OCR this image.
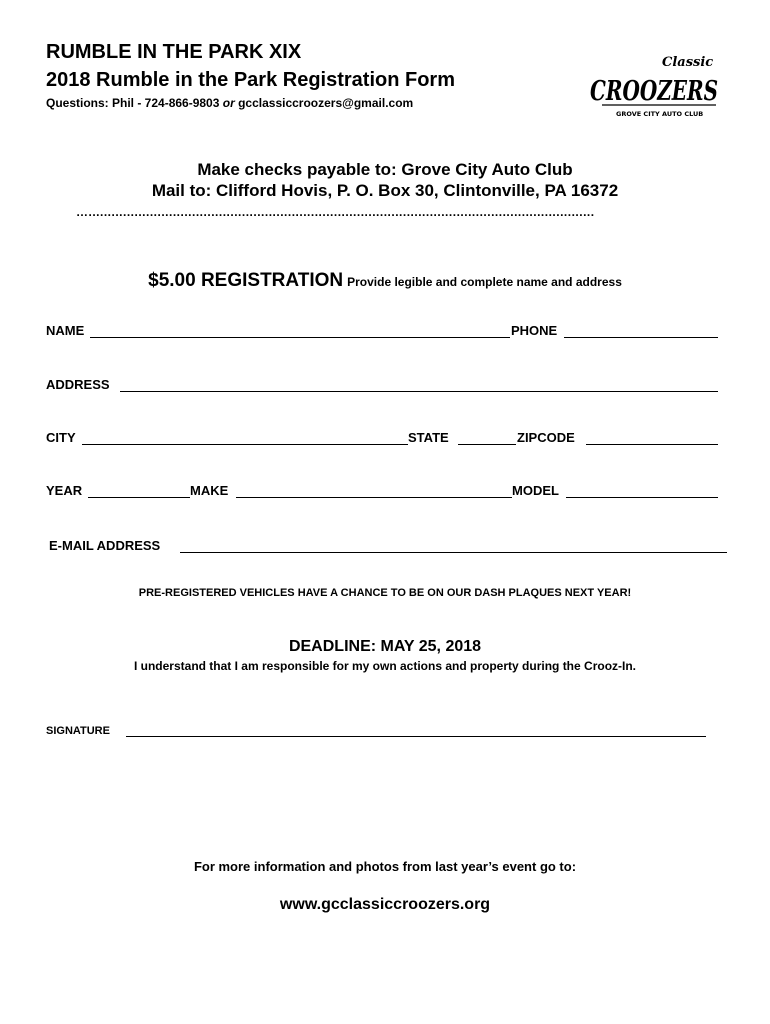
RUMBLE IN THE PARK XIX
2018 Rumble in the Park Registration Form
Questions: Phil - 724-866-9803 or gcclassiccroozers@gmail.com
Classic
CROOZERS
GROVE CITY AUTO CLUB
Make checks payable to: Grove City Auto Club
Mail to: Clifford Hovis, P. O. Box 30, Clintonville, PA 16372
…....................................................................................................................................
$5.00 REGISTRATION Provide legible and complete name and address
NAME	PHONE
ADDRESS
CITY	STATE	ZIPCODE
YEAR	MAKE	MODEL
E-MAIL ADDRESS
PRE-REGISTERED VEHICLES HAVE A CHANCE TO BE ON OUR DASH PLAQUES NEXT YEAR!
DEADLINE: MAY 25, 2018
I understand that I am responsible for my own actions and property during the Crooz-In.
SIGNATURE
For more information and photos from last year’s event go to:
www.gcclassiccroozers.org
